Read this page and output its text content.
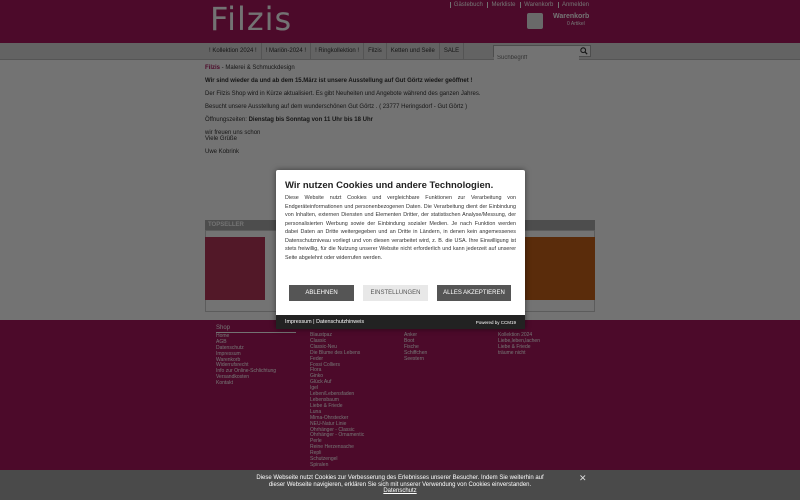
Suchbegriff

Wir nutzen Cookies und andere Technologien.
Diese Website nutzt Cookies und vergleichbare Funktionen zur Verarbeitung von Endgeräteinformationen und personenbezogenen Daten. Die Verarbeitung dient der Einbindung von Inhalten, externen Diensten und Elementen Dritter, der statistischen Analyse/Messung, der personalisierten Werbung sowie der Einbindung sozialer Medien. Je nach Funktion werden dabei Daten an Dritte weitergegeben und an Dritte in Ländern, in denen kein angemessenes Datenschutzniveau vorliegt und von diesen verarbeitet wird, z. B. die USA. Ihre Einwilligung ist stets freiwillig, für die Nutzung unserer Website nicht erforderlich und kann jederzeit auf unserer Seite abgelehnt oder widerrufen werden.
ABLEHNEN	EINSTELLUNGEN	ALLES AKZEPTIEREN
Impressum | Datenschutzhinweis	Powered by CCM19
Diese Webseite nutzt Cookies zur Verbesserung des Erlebnisses unserer Besucher. Indem Sie weiterhin auf
dieser Webseite navigieren, erklären Sie sich mit unserer Verwendung von Cookies einverstanden.
Datenschutz
✕
